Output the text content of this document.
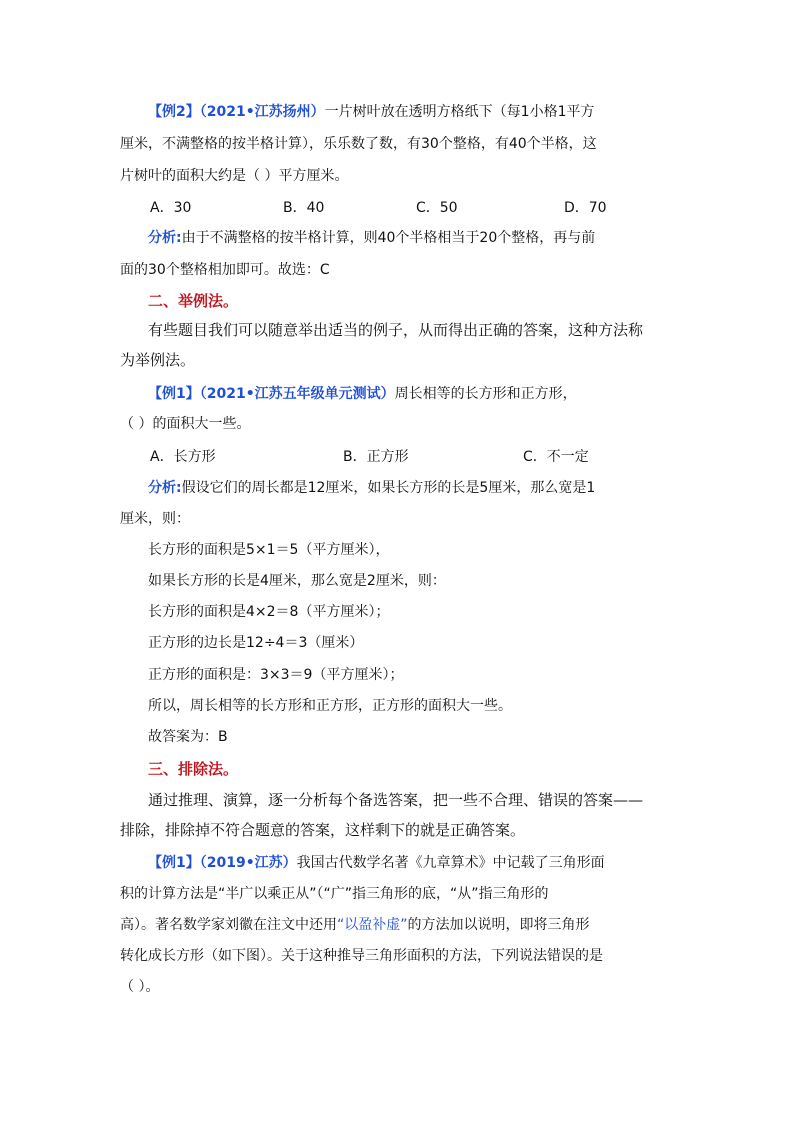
【例2】（2021•江苏扬州）一片树叶放在透明方格纸下（每1小格1平方
厘米，不满整格的按半格计算），乐乐数了数，有30个整格，有40个半格，这
片树叶的面积大约是（ ）平方厘米。
A．30	B．40	C．50	D．70
分析:由于不满整格的按半格计算，则40个半格相当于20个整格，再与前
面的30个整格相加即可。故选：C
二、举例法。
有些题目我们可以随意举出适当的例子，从而得出正确的答案，这种方法称
为举例法。
【例1】（2021•江苏五年级单元测试）周长相等的长方形和正方形，
（ ）的面积大一些。
A．长方形	B．正方形	C．不一定
分析:假设它们的周长都是12厘米，如果长方形的长是5厘米，那么宽是1
厘米，则：
长方形的面积是5×1＝5（平方厘米），
如果长方形的长是4厘米，那么宽是2厘米，则：
长方形的面积是4×2＝8（平方厘米）；
正方形的边长是12÷4＝3（厘米）
正方形的面积是：3×3＝9（平方厘米）；
所以，周长相等的长方形和正方形，正方形的面积大一些。
故答案为：B
三、排除法。
通过推理、演算，逐一分析每个备选答案，把一些不合理、错误的答案——
排除，排除掉不符合题意的答案，这样剩下的就是正确答案。
【例1】（2019•江苏）我国古代数学名著《九章算术》中记载了三角形面
积的计算方法是“半广以乘正从”（“广”指三角形的底，“从”指三角形的
高）。著名数学家刘徽在注文中还用“以盈补虚”的方法加以说明，即将三角形
转化成长方形（如下图）。关于这种推导三角形面积的方法，下列说法错误的是
（ ）。
